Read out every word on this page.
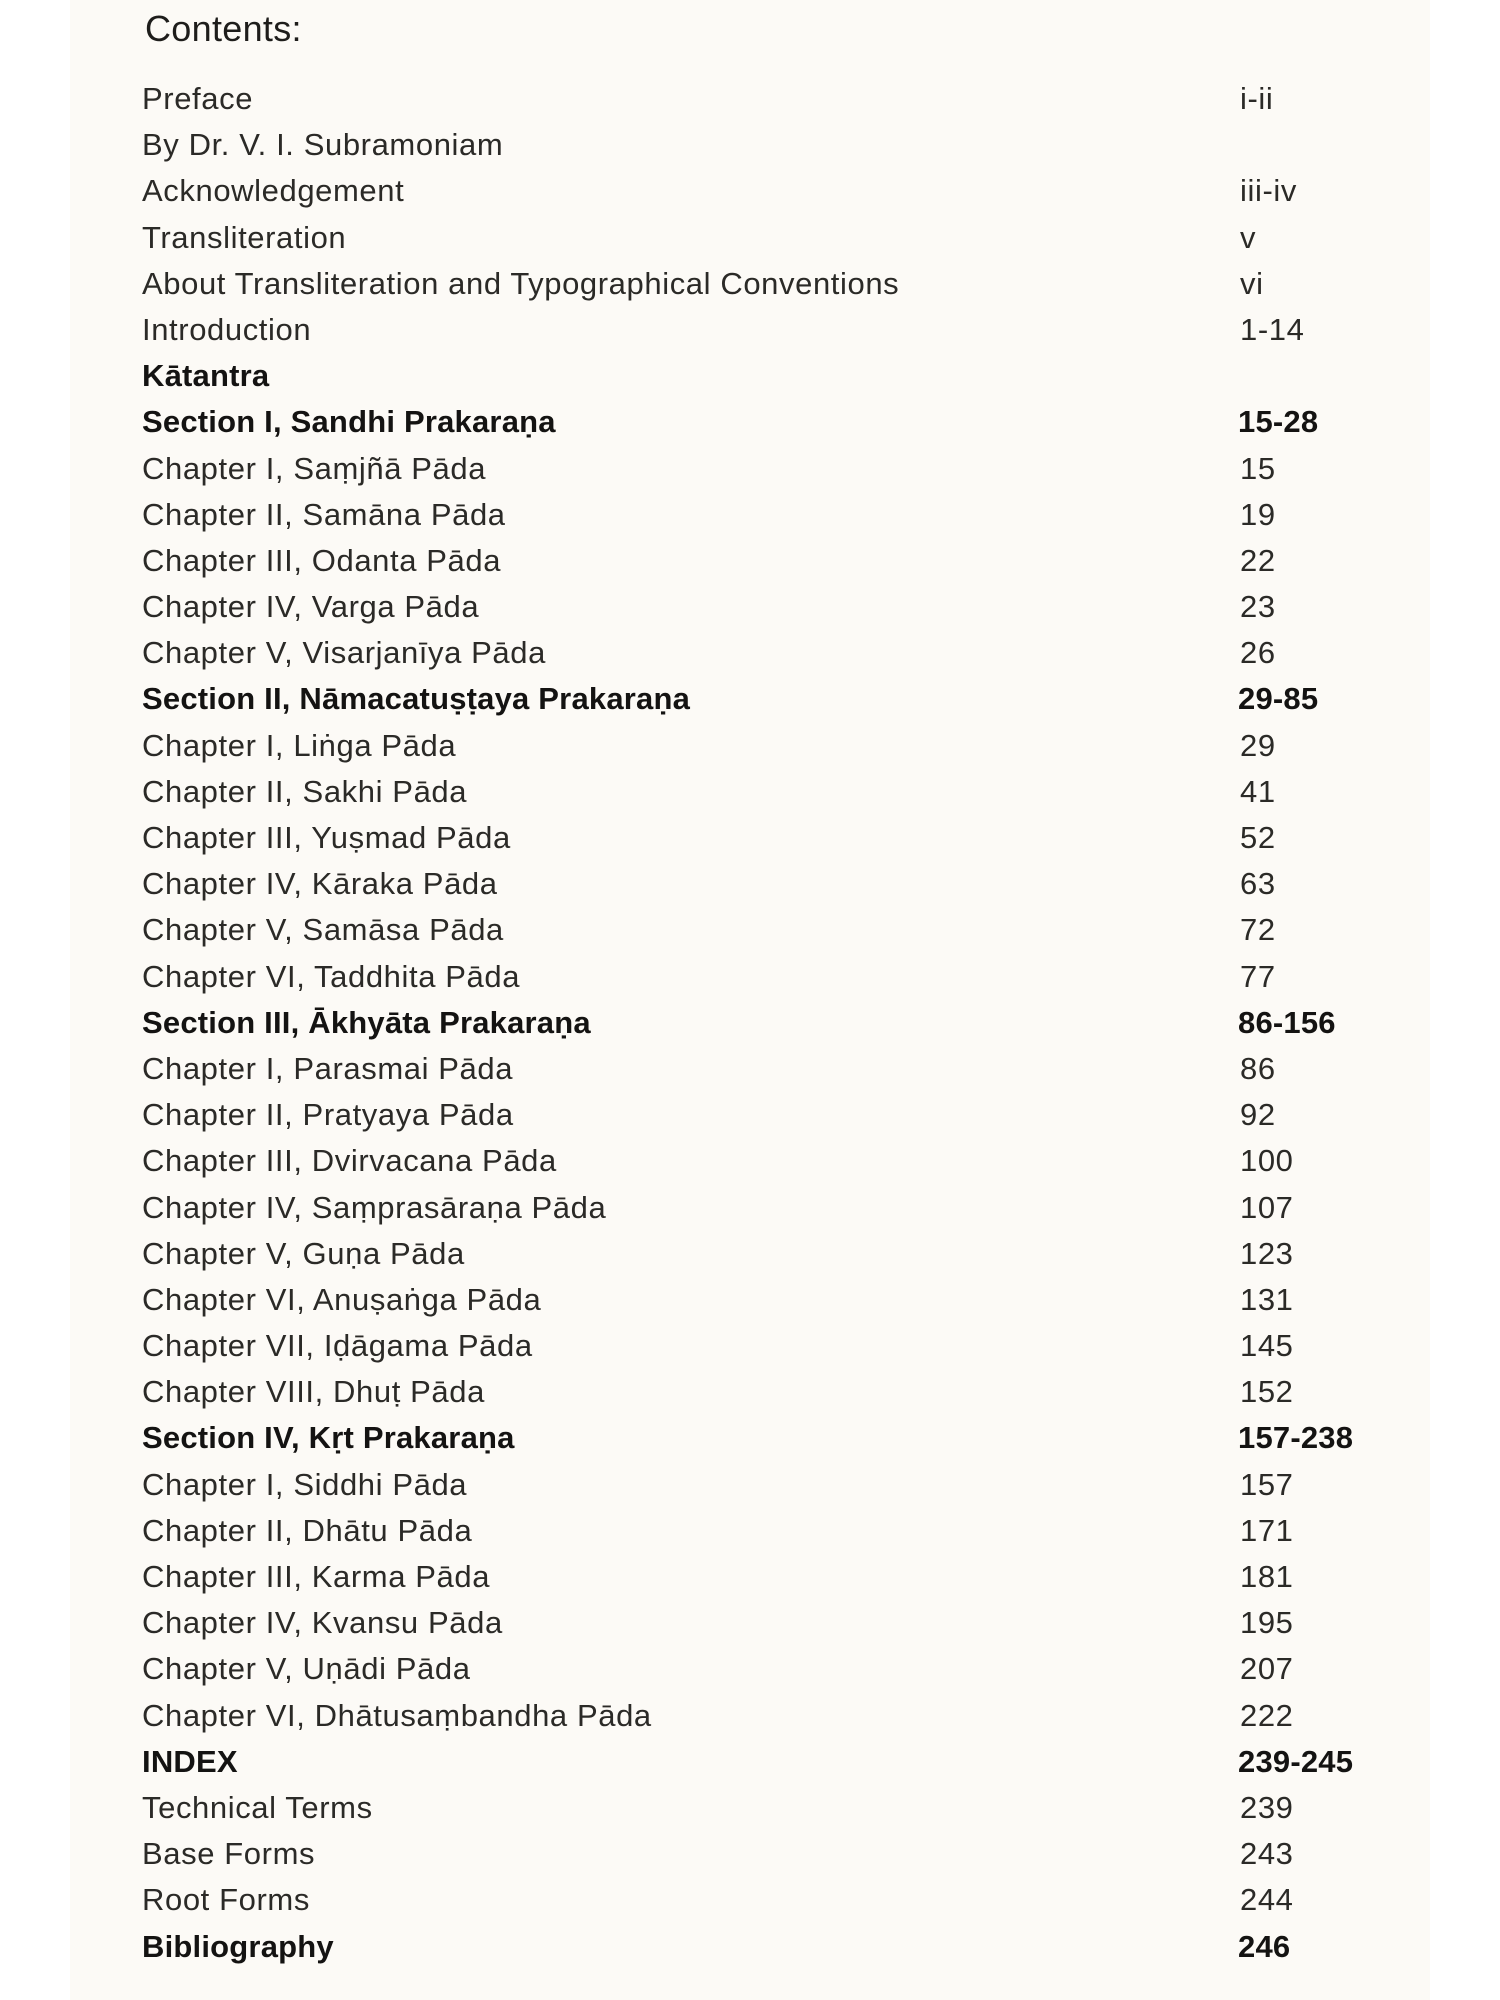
Contents:
Preface	i-ii
By Dr. V. I. Subramoniam
Acknowledgement	iii-iv
Transliteration	v
About Transliteration and Typographical Conventions	vi
Introduction	1-14
Kātantra
Section I, Sandhi Prakaraṇa	15-28
Chapter I, Saṃjñā Pāda	15
Chapter II, Samāna Pāda	19
Chapter III, Odanta Pāda	22
Chapter IV, Varga Pāda	23
Chapter V, Visarjanīya Pāda	26
Section II, Nāmacatuṣṭaya Prakaraṇa	29-85
Chapter I, Liṅga Pāda	29
Chapter II, Sakhi Pāda	41
Chapter III, Yuṣmad Pāda	52
Chapter IV, Kāraka Pāda	63
Chapter V, Samāsa Pāda	72
Chapter VI, Taddhita Pāda	77
Section III, Ākhyāta Prakaraṇa	86-156
Chapter I, Parasmai Pāda	86
Chapter II, Pratyaya Pāda	92
Chapter III, Dvirvacana Pāda	100
Chapter IV, Saṃprasāraṇa Pāda	107
Chapter V, Guṇa Pāda	123
Chapter VI, Anuṣaṅga Pāda	131
Chapter VII, Iḍāgama Pāda	145
Chapter VIII, Dhuṭ Pāda	152
Section IV, Kṛt Prakaraṇa	157-238
Chapter I, Siddhi Pāda	157
Chapter II, Dhātu Pāda	171
Chapter III, Karma Pāda	181
Chapter IV, Kvansu Pāda	195
Chapter V, Uṇādi Pāda	207
Chapter VI, Dhātusaṃbandha Pāda	222
INDEX	239-245
Technical Terms	239
Base Forms	243
Root Forms	244
Bibliography	246
